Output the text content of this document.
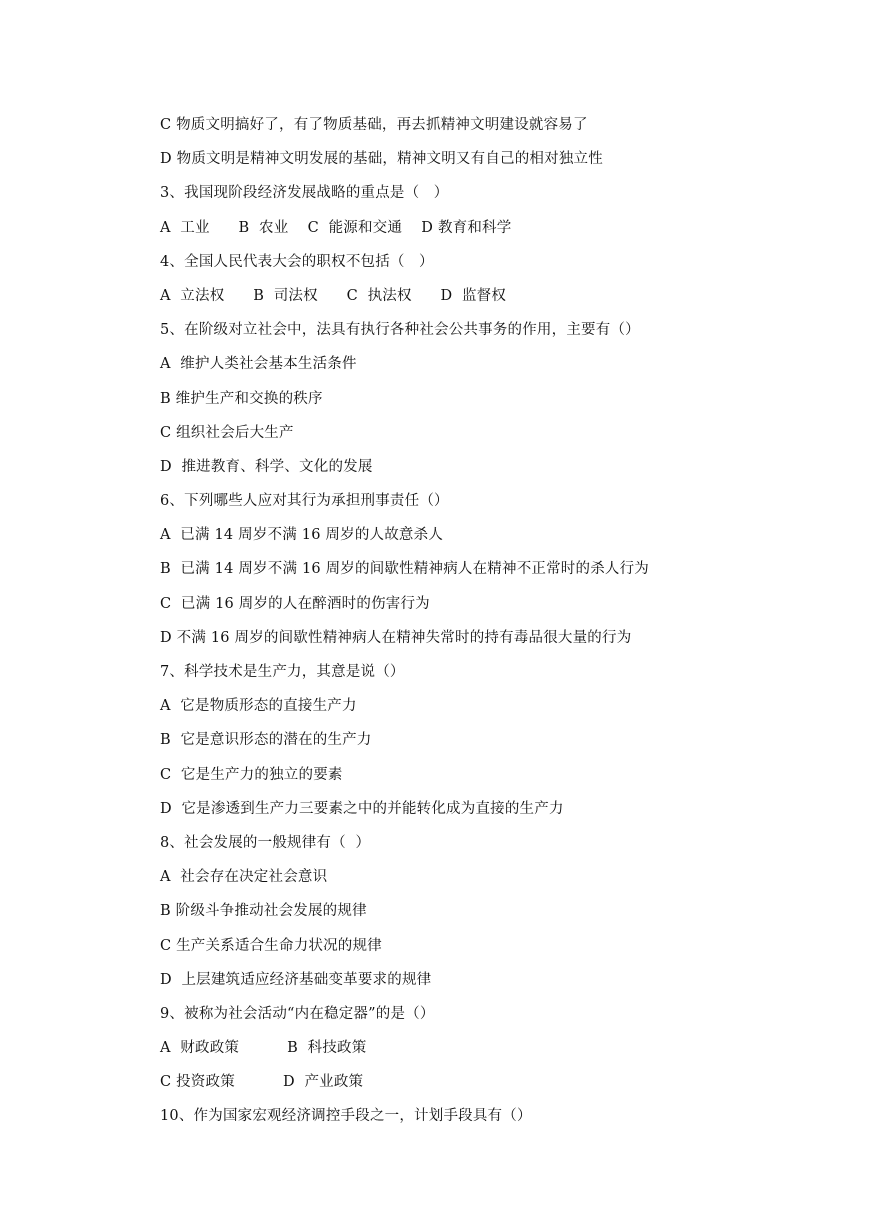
C 物质文明搞好了，有了物质基础，再去抓精神文明建设就容易了
D 物质文明是精神文明发展的基础，精神文明又有自己的相对独立性
3、我国现阶段经济发展战略的重点是（   ）
A  工业      B  农业    C  能源和交通    D 教育和科学
4、全国人民代表大会的职权不包括（   ）
A  立法权      B  司法权      C  执法权      D  监督权
5、在阶级对立社会中，法具有执行各种社会公共事务的作用，主要有（）
A  维护人类社会基本生活条件
B 维护生产和交换的秩序
C 组织社会后大生产
D  推进教育、科学、文化的发展
6、下列哪些人应对其行为承担刑事责任（）
A  已满 14 周岁不满 16 周岁的人故意杀人
B  已满 14 周岁不满 16 周岁的间歇性精神病人在精神不正常时的杀人行为
C  已满 16 周岁的人在醉酒时的伤害行为
D 不满 16 周岁的间歇性精神病人在精神失常时的持有毒品很大量的行为
7、科学技术是生产力，其意是说（）
A  它是物质形态的直接生产力
B  它是意识形态的潜在的生产力
C  它是生产力的独立的要素
D  它是渗透到生产力三要素之中的并能转化成为直接的生产力
8、社会发展的一般规律有（  ）
A  社会存在决定社会意识
B 阶级斗争推动社会发展的规律
C 生产关系适合生命力状况的规律
D  上层建筑适应经济基础变革要求的规律
9、被称为社会活动“内在稳定器”的是（）
A  财政政策          B  科技政策
C 投资政策          D  产业政策
10、作为国家宏观经济调控手段之一，计划手段具有（）
